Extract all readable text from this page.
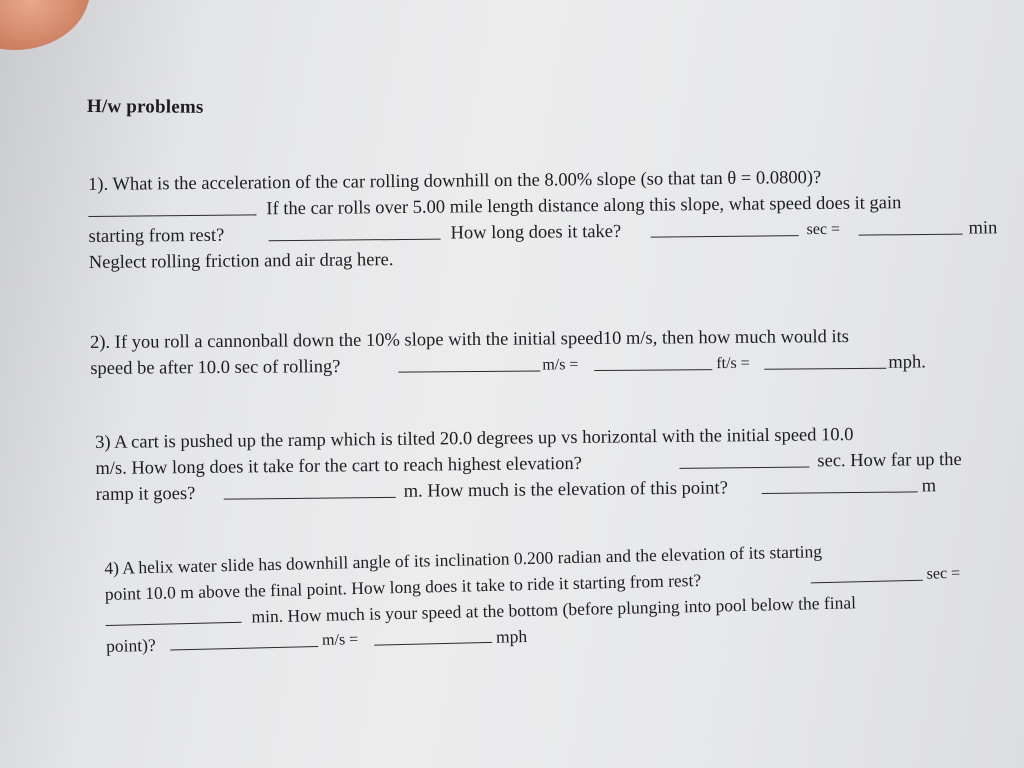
H/w problems
1). What is the acceleration of the car rolling downhill on the 8.00% slope (so that tan θ = 0.0800)?
If the car rolls over 5.00 mile length distance along this slope, what speed does it gain
starting from rest?	How long does it take?	sec =	min
Neglect rolling friction and air drag here.
2). If you roll a cannonball down the 10% slope with the initial speed10 m/s, then how much would its
speed be after 10.0 sec of rolling?	m/s =	ft/s =	mph.
3) A cart is pushed up the ramp which is tilted 20.0 degrees up vs horizontal with the initial speed 10.0
m/s. How long does it take for the cart to reach highest elevation?	sec. How far up the
ramp it goes?	m. How much is the elevation of this point?	m
4) A helix water slide has downhill angle of its inclination 0.200 radian and the elevation of its starting
point 10.0 m above the final point. How long does it take to ride it starting from rest?	sec =
min. How much is your speed at the bottom (before plunging into pool below the final
point)?	m/s =	mph
